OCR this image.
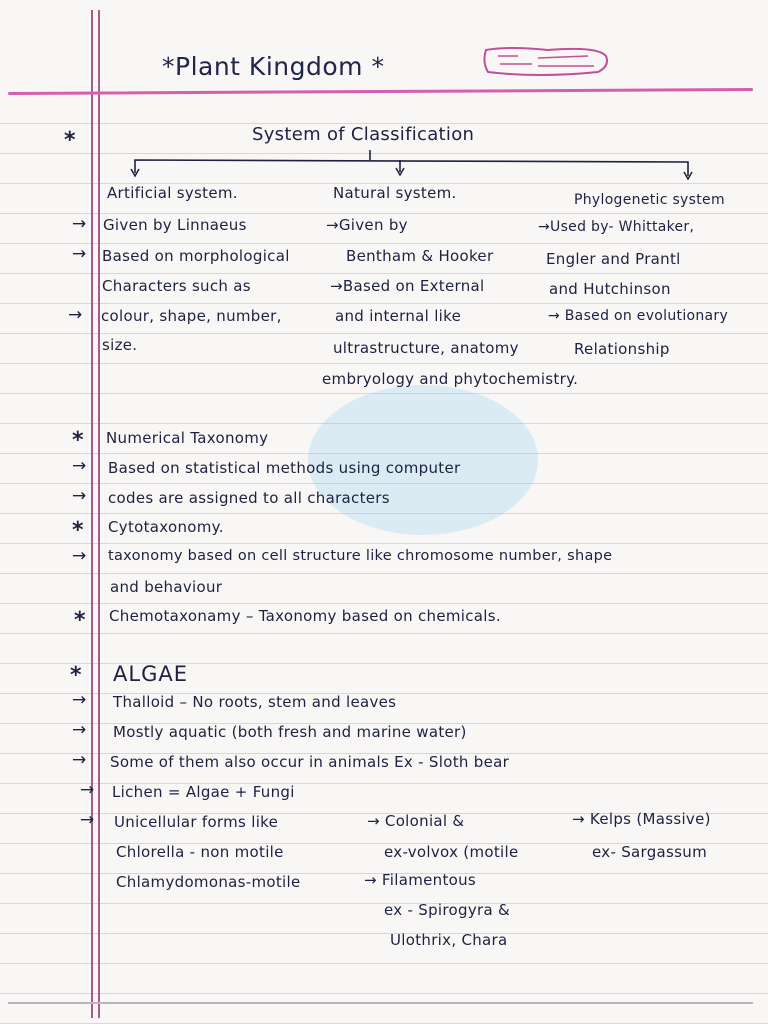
*Plant Kingdom *
*	System of Classification
Artificial system.
→ Given by Linnaeus
→ Based on morphological
Characters such as
→ colour, shape, number,
size.
Natural system.
→Given by
Bentham & Hooker
→Based on External
and internal like
ultrastructure, anatomy
embryology and phytochemistry.
Phylogenetic system
→Used by- Whittaker,
Engler and Prantl
and Hutchinson
→ Based on evolutionary
Relationship
* Numerical Taxonomy
→ Based on statistical methods using computer
→ codes are assigned to all characters
* Cytotaxonomy.
→ taxonomy based on cell structure like chromosome number, shape
and behaviour
* Chemotaxonamy – Taxonomy based on chemicals.
* ALGAE
→ Thalloid – No roots, stem and leaves
→ Mostly aquatic (both fresh and marine water)
→ Some of them also occur in animals Ex - Sloth bear
→ Lichen = Algae + Fungi
→ Unicellular forms like
Chlorella - non motile
Chlamydomonas-motile
→ Colonial &
ex-volvox (motile
→ Filamentous
ex - Spirogyra &
Ulothrix, Chara
→ Kelps (Massive)
ex- Sargassum
